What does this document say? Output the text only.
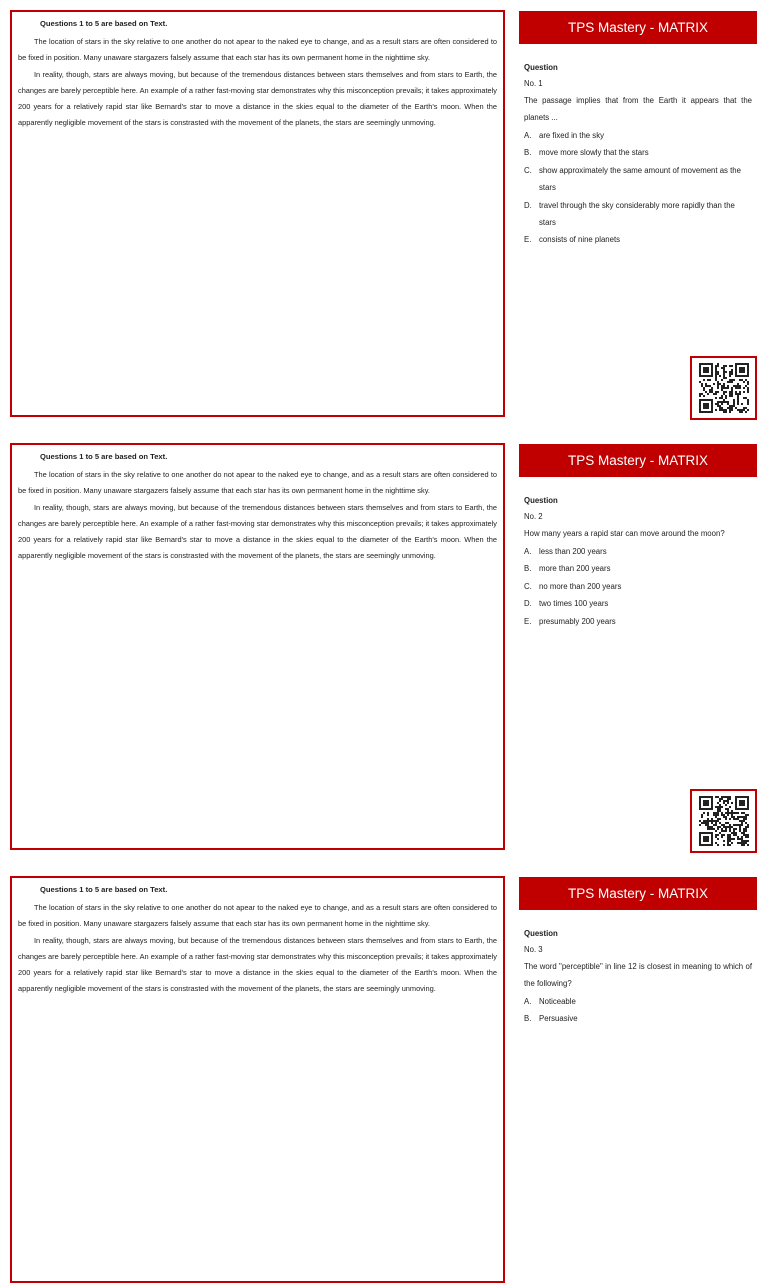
Questions 1 to 5 are based on Text.

The location of stars in the sky relative to one another do not apear to the naked eye to change, and as a result stars are often considered to be fixed in position. Many unaware stargazers falsely assume that each star has its own permanent home in the nighttime sky.

In reality, though, stars are always moving, but because of the tremendous distances between stars themselves and from stars to Earth, the changes are barely perceptible here. An example of a rather fast-moving star demonstrates why this misconception prevails; it takes approximately 200 years for a relatively rapid star like Bernard's star to move a distance in the skies equal to the diameter of the Earth's moon. When the apparently negligible movement of the stars is constrasted with the movement of the planets, the stars are seemingly unmoving.

TPS Mastery - MATRIX
Question
No. 1
The passage implies that from the Earth it appears that the planets ...
A. are fixed in the sky
B. move more slowly that the stars
C. show approximately the same amount of movement as the stars
D. travel through the sky considerably more rapidly than the stars
E. consists of nine planets
Questions 1 to 5 are based on Text.

The location of stars in the sky relative to one another do not apear to the naked eye to change, and as a result stars are often considered to be fixed in position. Many unaware stargazers falsely assume that each star has its own permanent home in the nighttime sky.

In reality, though, stars are always moving, but because of the tremendous distances between stars themselves and from stars to Earth, the changes are barely perceptible here. An example of a rather fast-moving star demonstrates why this misconception prevails; it takes approximately 200 years for a relatively rapid star like Bernard's star to move a distance in the skies equal to the diameter of the Earth's moon. When the apparently negligible movement of the stars is constrasted with the movement of the planets, the stars are seemingly unmoving.

TPS Mastery - MATRIX
Question
No. 2
How many years a rapid star can move around the moon?
A. less than 200 years
B. more than 200 years
C. no more than 200 years
D. two times 100 years
E. presumably 200 years
Questions 1 to 5 are based on Text.

The location of stars in the sky relative to one another do not apear to the naked eye to change, and as a result stars are often considered to be fixed in position. Many unaware stargazers falsely assume that each star has its own permanent home in the nighttime sky.

In reality, though, stars are always moving, but because of the tremendous distances between stars themselves and from stars to Earth, the changes are barely perceptible here. An example of a rather fast-moving star demonstrates why this misconception prevails; it takes approximately 200 years for a relatively rapid star like Bernard's star to move a distance in the skies equal to the diameter of the Earth's moon. When the apparently negligible movement of the stars is constrasted with the movement of the planets, the stars are seemingly unmoving.

TPS Mastery - MATRIX
Question
No. 3
The word "perceptible" in line 12 is closest in meaning to which of the following?
A. Noticeable
B. Persuasive
